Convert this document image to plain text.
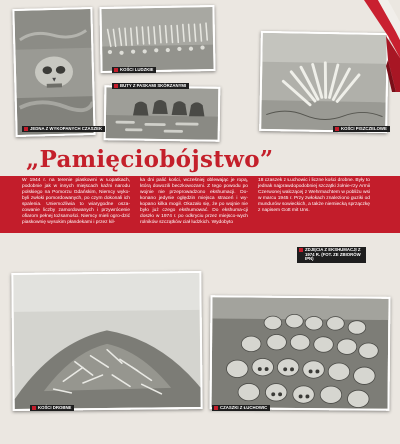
JEDNA Z WYKOPANYCH CZASZEK
KOŚCI LUDZKIE
BUTY Z PASKAMI SKÓRZANYMI
KOŚCI PISZCZELOWE
„Pamięciobójstwo”

W 1944 r. na terenie piaskowni w Łopatkach, podobnie jak w innych miejscach kaźni narodu polskiego na Pomorzu Gdańskim, Niemcy wyko-byli zwłoki pomordowanych, po czym dokonali ich spalenia. Uniemożliwia to wiarygodne osza-cowanie liczby zamordowanych i przywrócenie ofiarom pełnej tożsamości. Niemcy mieli ogro-dzić piaskownię wysokim płandekami i przez kil-

ka dni palić kości, wcześniej oblewając je ropą, którą dowozili beczkowozami. Z tego powodu po wojnie nie przeprowadzono ekshumacji. Do-konano jedynie oględzin miejsca straceń i wy-kopano kilka mogił. Okazało się, że po wojnie nie było już czego ekshumować. Do ekshuma-cji doszło w 1974 r. po odkryciu przez miejsco-wych rolników szczątków ciał ludzkich. Wydobyto

18 czaszek z Łuchowic i liczne kości drobne. Były to jednak najprawdopodobniej szczątki żołnie-rzy Armii Czerwonej walczącej z Wehrmachtem w pobliżu wsi w marcu 1945 r. Przy zwłokach znaleziono guziki od mundurów sowieckich, a także niemiecką sprzączkę z napisem Gott mit Uns.

ZDJĘCIA Z EKSHUMACJI Z 1974 R. (FOT. ZE ZBIORÓW IPN)
KOŚCI DROBNE	CZASZKI Z ŁUCHOWIC
